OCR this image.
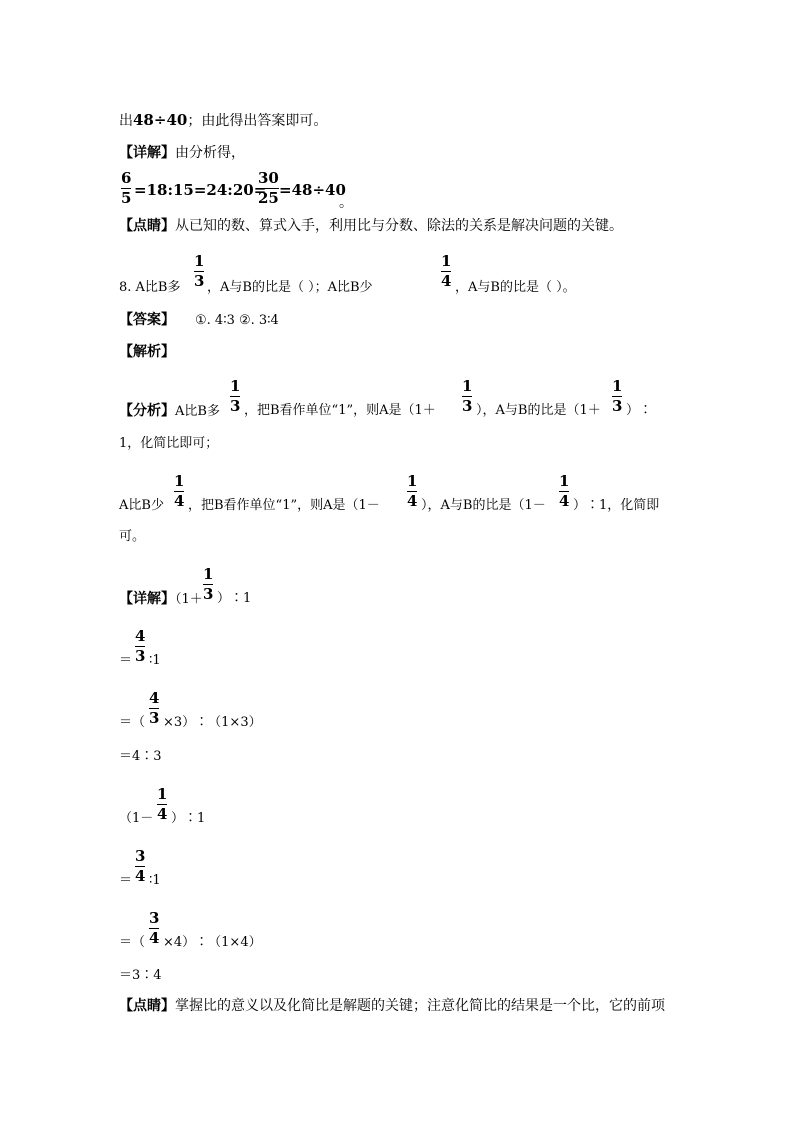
出48÷40；由此得出答案即可。
【详解】由分析得，
6
5 =18:15=24:20=
30
25 =48÷40
。
【点睛】从已知的数、算式入手，利用比与分数、除法的关系是解决问题的关键。
8. A比B多
1
3 ，A与B的比是（ ）；A比B少
1
4 ，A与B的比是（ ）。
【答案】 ①. 4∶3 ②. 3∶4
【解析】
【分析】A比B多
1
3 ，把B看作单位“1”，则A是（1＋
1
3 ），A与B的比是（1＋
1
3 ）∶
1，化简比即可；
A比B少
1
4 ，把B看作单位“1”，则A是（1－
1
4 ），A与B的比是（1－
1
4 ）∶1，化简即
可。
【详解】（1＋
1
3 ）∶1
＝
4
3 ∶1
＝（
4
3 ×3）∶（1×3）
＝4∶3
（1－
1
4 ）∶1
＝
3
4 ∶1
＝（
3
4 ×4）∶（1×4）
＝3∶4
【点睛】掌握比的意义以及化简比是解题的关键；注意化简比的结果是一个比，它的前项
